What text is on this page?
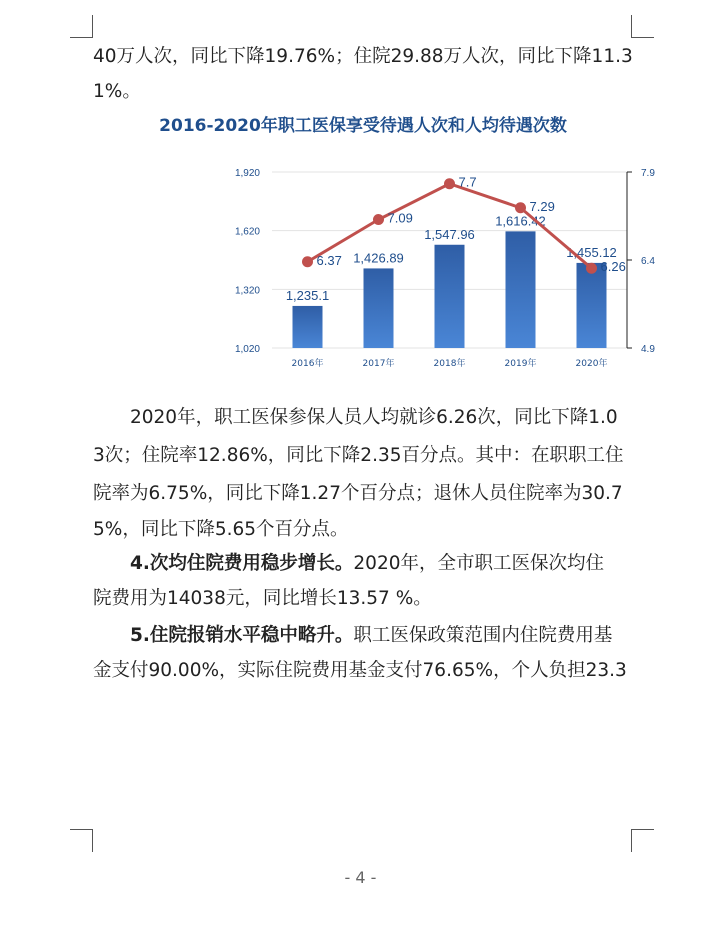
40万人次，同比下降19.76%；住院29.88万人次，同比下降11.3
1%。
2016-2020年职工医保享受待遇人次和人均待遇次数
1,020
1,320
1,620
1,920
4.9
6.4
7.9
1,235.1
1,426.89
1,547.96
1,616.42
1,455.12
2016年	2017年	2018年	2019年	2020年
6.37
7.09
7.7
7.29
6.26
2020年，职工医保参保人员人均就诊6.26次，同比下降1.0
3次；住院率12.86%，同比下降2.35百分点。其中：在职职工住
院率为6.75%，同比下降1.27个百分点；退休人员住院率为30.7
5%，同比下降5.65个百分点。
4.次均住院费用稳步增长。2020年，全市职工医保次均住
院费用为14038元，同比增长13.57 %。
5.住院报销水平稳中略升。职工医保政策范围内住院费用基
金支付90.00%，实际住院费用基金支付76.65%，个人负担23.3
- 4 -
